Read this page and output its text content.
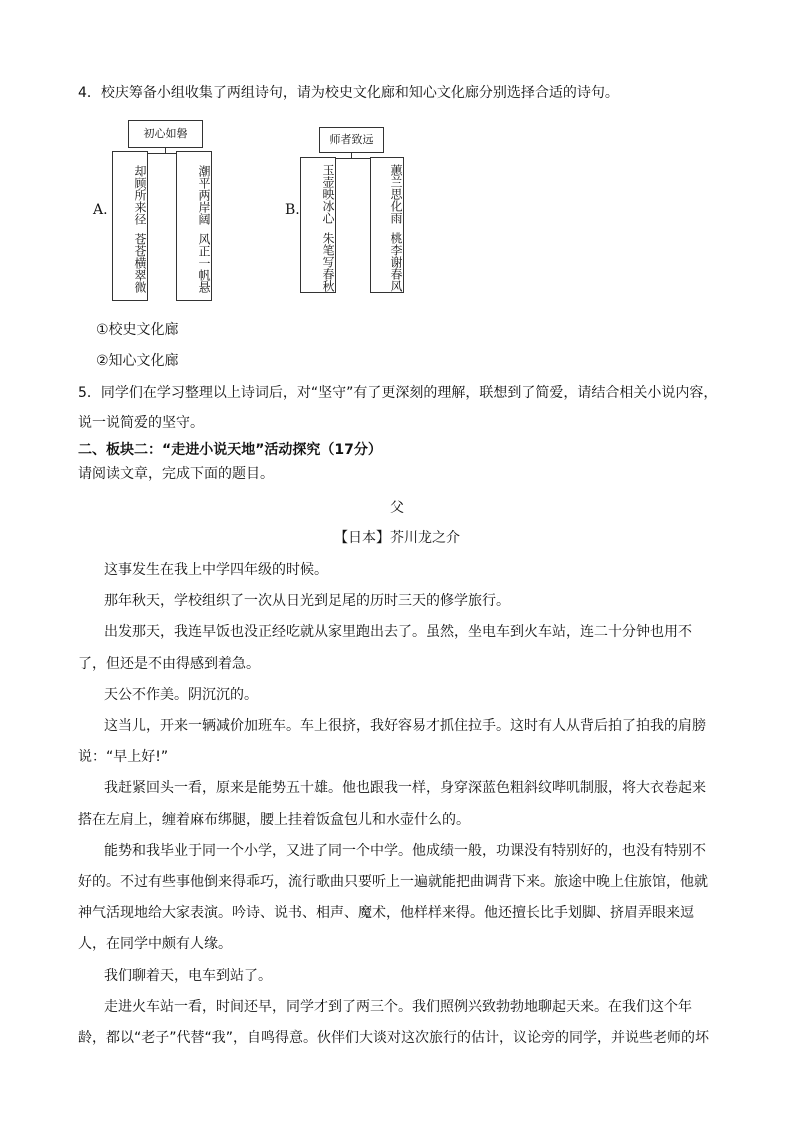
4．校庆筹备小组收集了两组诗句，请为校史文化廊和知心文化廊分别选择合适的诗句。
A.
初心如磐
却顾所来径
苍苍横翠微
潮平两岸阔
风正一帆悬
B.
师者致远
玉壶映冰心
朱笔写春秋
蕙兰思化雨
桃李谢春风
①校史文化廊
②知心文化廊
5．同学们在学习整理以上诗词后，对“坚守”有了更深刻的理解，联想到了简爱，请结合相关小说内容，
说一说简爱的坚守。
二、板块二：“走进小说天地”活动探究（17分）
请阅读文章，完成下面的题目。
父
【日本】芥川龙之介
这事发生在我上中学四年级的时候。
那年秋天，学校组织了一次从日光到足尾的历时三天的修学旅行。
出发那天，我连早饭也没正经吃就从家里跑出去了。虽然，坐电车到火车站，连二十分钟也用不
了，但还是不由得感到着急。
天公不作美。阴沉沉的。
这当儿，开来一辆减价加班车。车上很挤，我好容易才抓住拉手。这时有人从背后拍了拍我的肩膀
说：“早上好!”
我赶紧回头一看，原来是能势五十雄。他也跟我一样，身穿深蓝色粗斜纹哔叽制服，将大衣卷起来
搭在左肩上，缠着麻布绑腿，腰上挂着饭盒包儿和水壶什么的。
能势和我毕业于同一个小学，又进了同一个中学。他成绩一般，功课没有特别好的，也没有特别不
好的。不过有些事他倒来得乖巧，流行歌曲只要听上一遍就能把曲调背下来。旅途中晚上住旅馆，他就
神气活现地给大家表演。吟诗、说书、相声、魔术，他样样来得。他还擅长比手划脚、挤眉弄眼来逗
人，在同学中颇有人缘。
我们聊着天，电车到站了。
走进火车站一看，时间还早，同学才到了两三个。我们照例兴致勃勃地聊起天来。在我们这个年
龄，都以“老子”代替“我”，自鸣得意。伙伴们大谈对这次旅行的估计，议论旁的同学，并说些老师的坏
